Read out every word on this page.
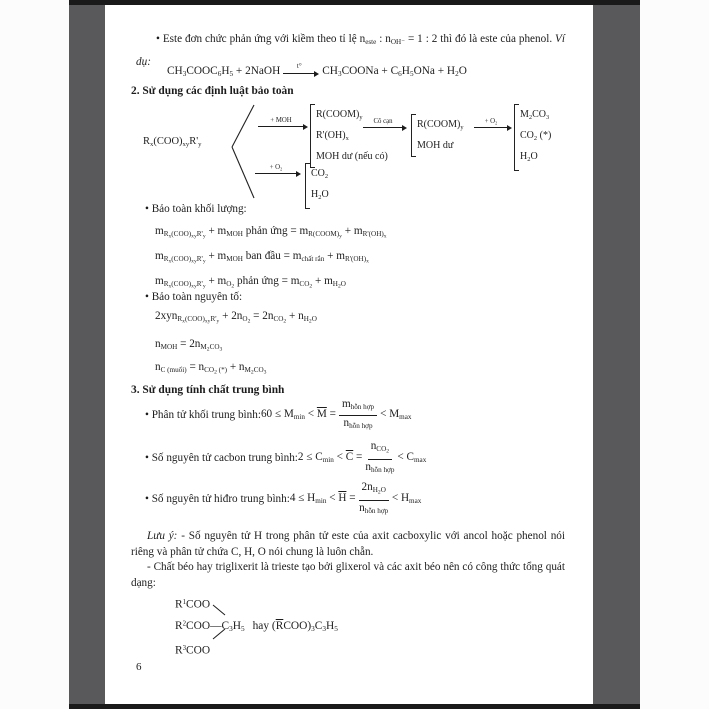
• Este đơn chức phản ứng với kiềm theo tỉ lệ $n_{este}$ : $n_{OH^-} = 1$ : 2 thì đó là este của phenol. Ví dụ:

$CH_3COOC_6H_5$ + 2NaOH	t°	$CH_3COONa + C_6H_5ONa + H_2O$
2. Sử dụng các định luật bảo toàn
$R_x(COO)_{xy}R'_y$
+ MOH
$R(COOM)_y$
$R'(OH)_x$
MOH dư (nếu có)
Cô cạn	$R(COOM)_y$
MOH dư
+ O₂
$M_2CO_3$
$CO_2$ (*)
$H_2O$
+ O₂
$CO_2$
$H_2O$
• Bảo toàn khối lượng:
$m_{Rx(COO)xyR'y} + m_{MOH}$ phản ứng = $m_{R(COOM)y} + m_{R'(OH)x}$
$m_{Rx(COO)xyR'y} + m_{MOH}$ ban đầu = $m_{chất rắn} + m_{R'(OH)x}$
$m_{Rx(COO)xyR'y} + m_{O2}$ phản ứng = $m_{CO2} + m_{H2O}$
• Bảo toàn nguyên tố:
$2xyn_{Rx(COO)xyR'y} + 2n_{O2} = 2n_{CO2} + n_{H2O}$
$n_{MOH} = 2n_{M2CO3}$
$n_{C (muối)} = n_{CO2}$ $_{(*)} + n_{M2CO3}$
3. Sử dụng tính chất trung bình
• Phân tử khối trung bình: $60 \le M_{min} < \overline{M} = \frac{m_{hỗn hợp}}{n_{hỗn hợp}} < M_{max}$
• Số nguyên tử cacbon trung bình: $2 \le C_{min} < \overline{C} = \frac{n_{CO2}}{n_{hỗn hợp}} < C_{max}$
• Số nguyên tử hiđro trung bình: $4 \le H_{min} < \overline{H} = \frac{2n_{H2O}}{n_{hỗn hợp}} < H_{max}$

Lưu ý: - Số nguyên tử H trong phân tử este của axit cacboxylic với ancol hoặc phenol nói riêng và phân tử chứa C, H, O nói chung là luôn chẵn.

- Chất béo hay triglixerit là trieste tạo bởi glixerol và các axit béo nên có công thức tổng quát dạng:

$R^1COO$
$R^2COO—C_3H_5$ hay $(\overline{R}COO)_3C_3H_5$
$R^3COO$
6
